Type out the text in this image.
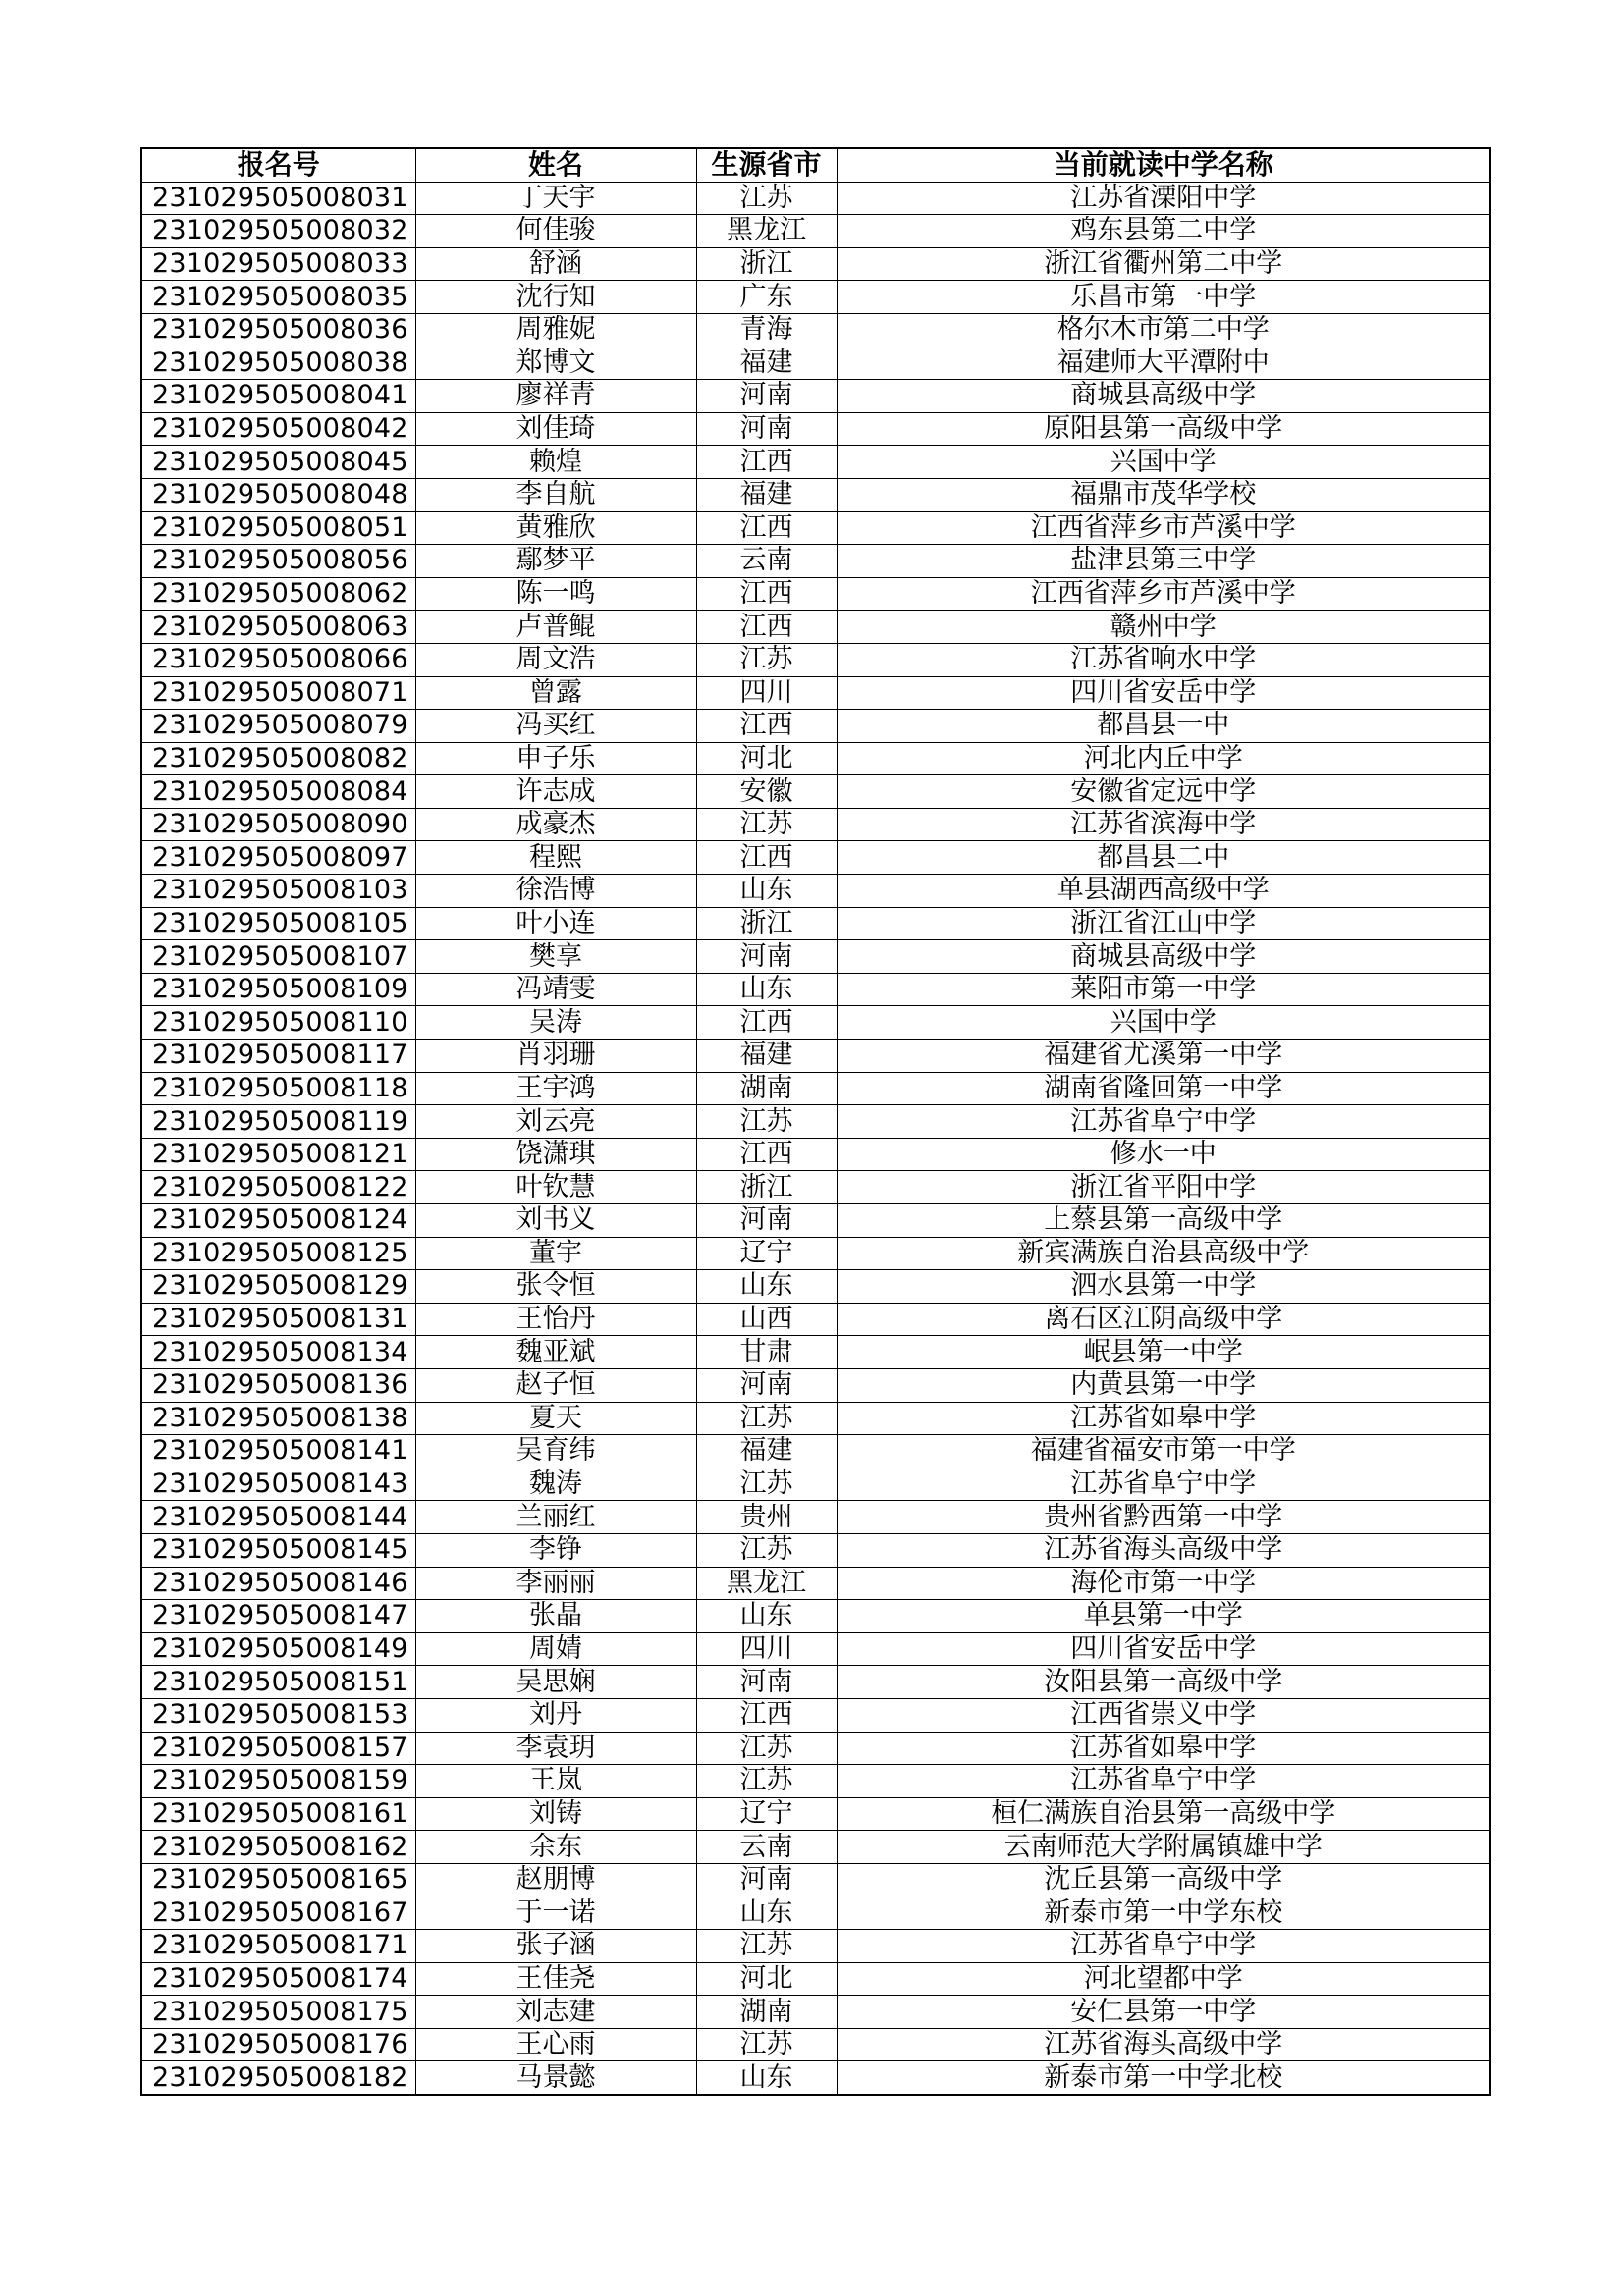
报名号	姓名	生源省市	当前就读中学名称
231029505008031	丁天宇	江苏	江苏省溧阳中学
231029505008032	何佳骏	黑龙江	鸡东县第二中学
231029505008033	舒涵	浙江	浙江省衢州第二中学
231029505008035	沈行知	广东	乐昌市第一中学
231029505008036	周雅妮	青海	格尔木市第二中学
231029505008038	郑博文	福建	福建师大平潭附中
231029505008041	廖祥青	河南	商城县高级中学
231029505008042	刘佳琦	河南	原阳县第一高级中学
231029505008045	赖煌	江西	兴国中学
231029505008048	李自航	福建	福鼎市茂华学校
231029505008051	黄雅欣	江西	江西省萍乡市芦溪中学
231029505008056	鄢梦平	云南	盐津县第三中学
231029505008062	陈一鸣	江西	江西省萍乡市芦溪中学
231029505008063	卢普鲲	江西	赣州中学
231029505008066	周文浩	江苏	江苏省响水中学
231029505008071	曾露	四川	四川省安岳中学
231029505008079	冯买红	江西	都昌县一中
231029505008082	申子乐	河北	河北内丘中学
231029505008084	许志成	安徽	安徽省定远中学
231029505008090	成豪杰	江苏	江苏省滨海中学
231029505008097	程熙	江西	都昌县二中
231029505008103	徐浩博	山东	单县湖西高级中学
231029505008105	叶小连	浙江	浙江省江山中学
231029505008107	樊享	河南	商城县高级中学
231029505008109	冯靖雯	山东	莱阳市第一中学
231029505008110	吴涛	江西	兴国中学
231029505008117	肖羽珊	福建	福建省尤溪第一中学
231029505008118	王宇鸿	湖南	湖南省隆回第一中学
231029505008119	刘云亮	江苏	江苏省阜宁中学
231029505008121	饶潇琪	江西	修水一中
231029505008122	叶钦慧	浙江	浙江省平阳中学
231029505008124	刘书义	河南	上蔡县第一高级中学
231029505008125	董宇	辽宁	新宾满族自治县高级中学
231029505008129	张令恒	山东	泗水县第一中学
231029505008131	王怡丹	山西	离石区江阴高级中学
231029505008134	魏亚斌	甘肃	岷县第一中学
231029505008136	赵子恒	河南	内黄县第一中学
231029505008138	夏天	江苏	江苏省如皋中学
231029505008141	吴育纬	福建	福建省福安市第一中学
231029505008143	魏涛	江苏	江苏省阜宁中学
231029505008144	兰丽红	贵州	贵州省黔西第一中学
231029505008145	李铮	江苏	江苏省海头高级中学
231029505008146	李丽丽	黑龙江	海伦市第一中学
231029505008147	张晶	山东	单县第一中学
231029505008149	周婧	四川	四川省安岳中学
231029505008151	吴思娴	河南	汝阳县第一高级中学
231029505008153	刘丹	江西	江西省崇义中学
231029505008157	李袁玥	江苏	江苏省如皋中学
231029505008159	王岚	江苏	江苏省阜宁中学
231029505008161	刘铸	辽宁	桓仁满族自治县第一高级中学
231029505008162	余东	云南	云南师范大学附属镇雄中学
231029505008165	赵朋博	河南	沈丘县第一高级中学
231029505008167	于一诺	山东	新泰市第一中学东校
231029505008171	张子涵	江苏	江苏省阜宁中学
231029505008174	王佳尧	河北	河北望都中学
231029505008175	刘志建	湖南	安仁县第一中学
231029505008176	王心雨	江苏	江苏省海头高级中学
231029505008182	马景懿	山东	新泰市第一中学北校
